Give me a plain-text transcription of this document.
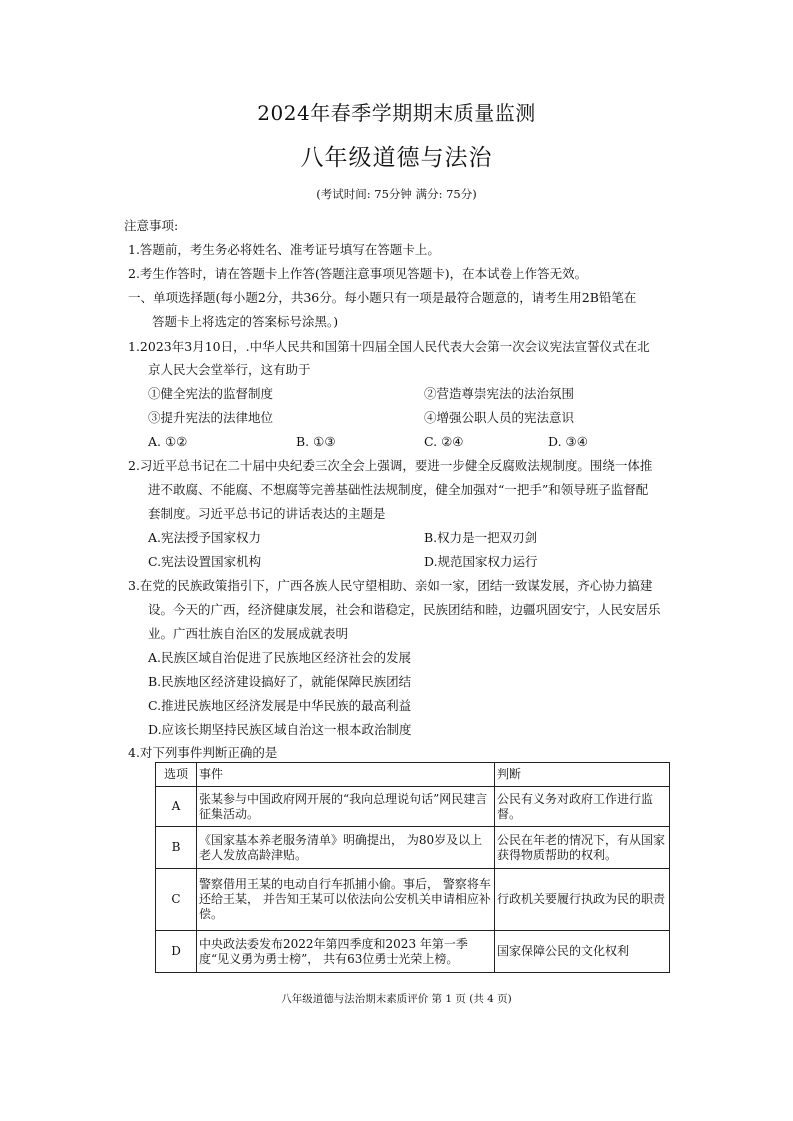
2024年春季学期期末质量监测
八年级道德与法治
(考试时间: 75分钟 满分: 75分)
注意事项:
1.答题前，考生务必将姓名、准考证号填写在答题卡上。
2.考生作答时，请在答题卡上作答(答题注意事项见答题卡)，在本试卷上作答无效。
一、单项选择题(每小题2分，共36分。每小题只有一项是最符合题意的，请考生用2B铅笔在
答题卡上将选定的答案标号涂黑。)
1.2023年3月10日，.中华人民共和国第十四届全国人民代表大会第一次会议宪法宣誓仪式在北
京人民大会堂举行，这有助于
①健全宪法的监督制度	②营造尊崇宪法的法治氛围
③提升宪法的法律地位	④增强公职人员的宪法意识
A. ①②	B. ①③	C. ②④	D. ③④
2.习近平总书记在二十届中央纪委三次全会上强调，要进一步健全反腐败法规制度。围绕一体推
进不敢腐、不能腐、不想腐等完善基础性法规制度，健全加强对“一把手”和领导班子监督配
套制度。习近平总书记的讲话表达的主题是
A.宪法授予国家权力	B.权力是一把双刃剑
C.宪法设置国家机构	D.规范国家权力运行
3.在党的民族政策指引下，广西各族人民守望相助、亲如一家，团结一致谋发展，齐心协力搞建
设。今天的广西，经济健康发展，社会和谐稳定，民族团结和睦，边疆巩固安宁，人民安居乐
业。广西壮族自治区的发展成就表明
A.民族区域自治促进了民族地区经济社会的发展
B.民族地区经济建设搞好了，就能保障民族团结
C.推进民族地区经济发展是中华民族的最高利益
D.应该长期坚持民族区域自治这一根本政治制度
4.对下列事件判断正确的是
选项	事件	判断
A	张某参与中国政府网开展的“我向总理说句话”网民建言征集活动。	公民有义务对政府工作进行监督。
B	《国家基本养老服务清单》明确提出， 为80岁及以上老人发放高龄津贴。	公民在年老的情况下，有从国家获得物质帮助的权利。
C	警察借用王某的电动自行车抓捕小偷。事后， 警察将车还给王某， 并告知王某可以依法向公安机关申请相应补偿。	行政机关要履行执政为民的职责
D	中央政法委发布2022年第四季度和2023 年第一季度“见义勇为勇士榜”， 共有63位勇士光荣上榜。	国家保障公民的文化权利
八年级道德与法治期末素质评价 第 1 页 (共 4 页)
